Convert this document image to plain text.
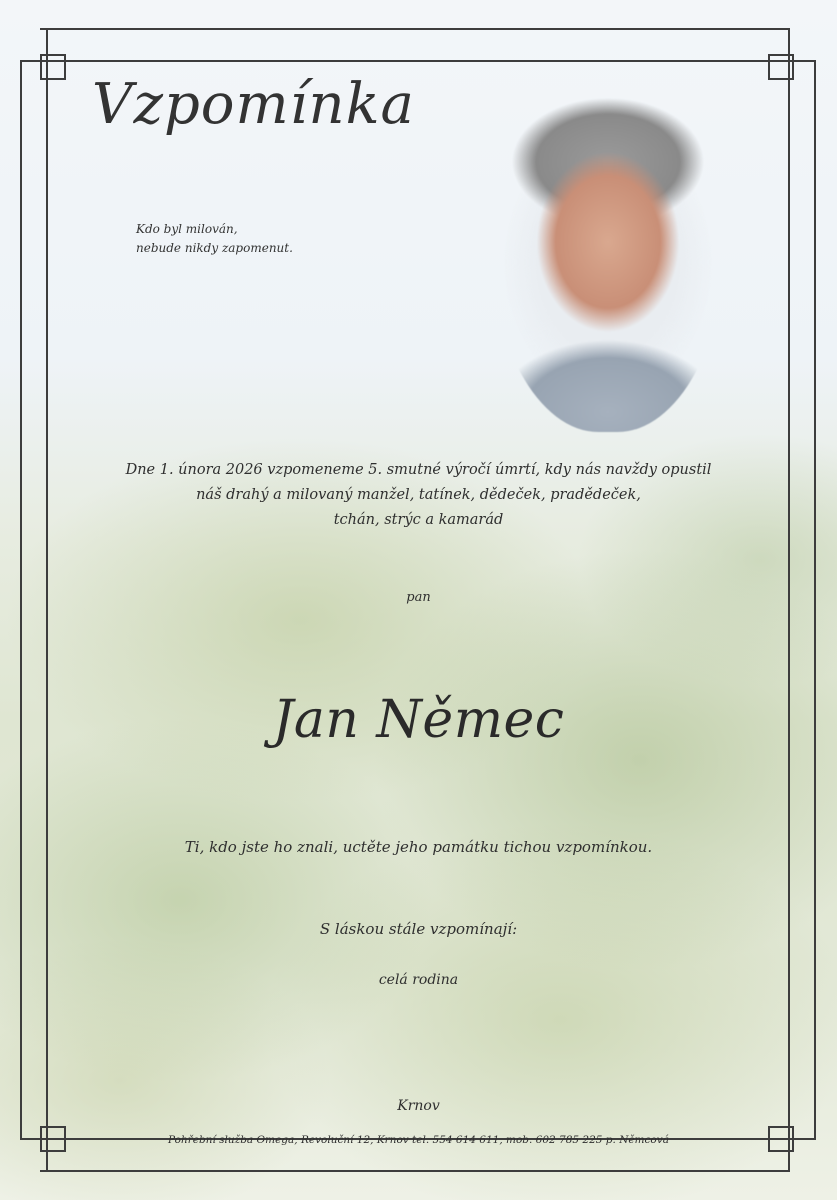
Vzpomínka
Kdo byl milován,
nebude nikdy zapomenut.
Dne 1. února 2026 vzpomeneme 5. smutné výročí úmrtí, kdy nás navždy opustil
náš drahý a milovaný manžel, tatínek, dědeček, pradědeček,
tchán, strýc a kamarád
pan
Jan Němec
Ti, kdo jste ho znali, uctěte jeho památku tichou vzpomínkou.
S láskou stále vzpomínají:
celá rodina
Krnov
Pohřební služba Omega, Revoluční 12, Krnov tel. 554 614 611, mob. 602 785 225 p. Němcová
